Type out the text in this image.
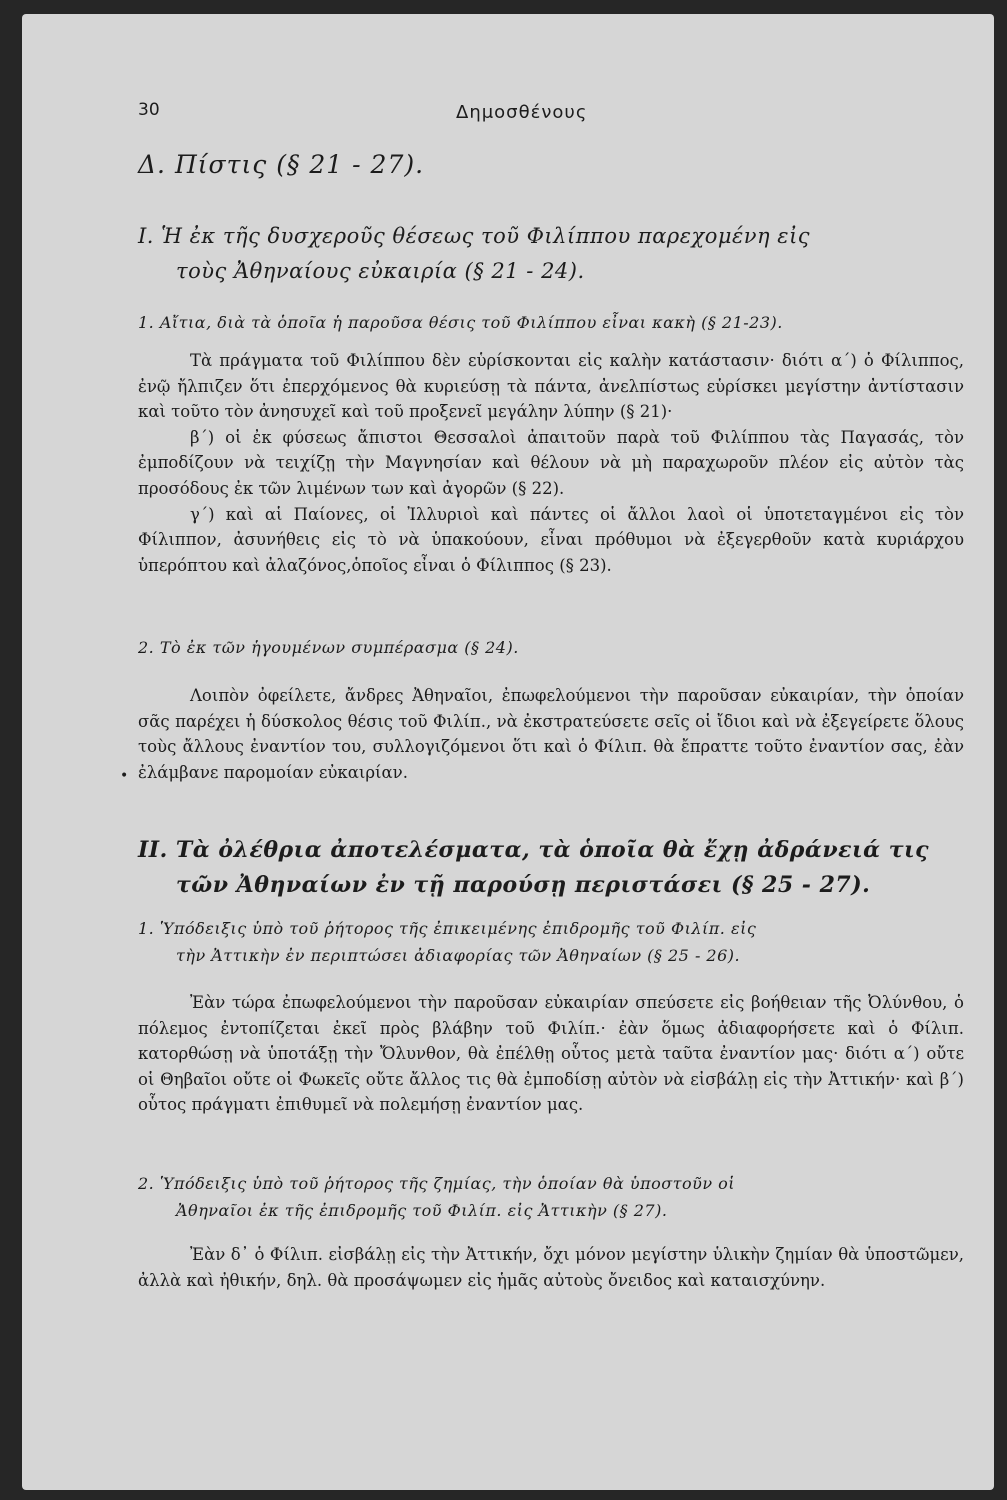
30	Δημοσθένους
Δ. Πίστις (§ 21 - 27).
I. Ἡ ἐκ τῆς δυσχεροῦς θέσεως τοῦ Φιλίππου παρεχομένη εἰς
τοὺς Ἀθηναίους εὐκαιρία (§ 21 - 24).
1. Αἴτια, διὰ τὰ ὁποῖα ἡ παροῦσα θέσις τοῦ Φιλίππου εἶναι κακὴ (§ 21-23).

Τὰ πράγματα τοῦ Φιλίππου δὲν εὑρίσκονται εἰς καλὴν κατάστασιν· διότι α΄) ὁ Φίλιππος, ἐνῷ ἤλπιζεν ὅτι ἐπερχόμενος θὰ κυριεύσῃ τὰ πάντα, ἀνελπίστως εὑρίσκει μεγίστην ἀντίστασιν καὶ τοῦτο τὸν ἀνησυχεῖ καὶ τοῦ προξενεῖ μεγάλην λύπην (§ 21)·

β΄) οἱ ἐκ φύσεως ἄπιστοι Θεσσαλοὶ ἀπαιτοῦν παρὰ τοῦ Φιλίππου τὰς Παγασάς, τὸν ἐμποδίζουν νὰ τειχίζῃ τὴν Μαγνησίαν καὶ θέλουν νὰ μὴ παραχωροῦν πλέον εἰς αὐτὸν τὰς προσόδους ἐκ τῶν λιμένων των καὶ ἀγορῶν (§ 22).

γ΄) καὶ αἱ Παίονες, οἱ Ἰλλυριοὶ καὶ πάντες οἱ ἄλλοι λαοὶ οἱ ὑποτεταγμένοι εἰς τὸν Φίλιππον, ἀσυνήθεις εἰς τὸ νὰ ὑπακούουν, εἶναι πρόθυμοι νὰ ἐξεγερθοῦν κατὰ κυριάρχου ὑπερόπτου καὶ ἀλαζόνος,ὁποῖος εἶναι ὁ Φίλιππος (§ 23).

2. Τὸ ἐκ τῶν ἡγουμένων συμπέρασμα (§ 24).

Λοιπὸν ὀφείλετε, ἄνδρες Ἀθηναῖοι, ἐπωφελούμενοι τὴν παροῦσαν εὐκαιρίαν, τὴν ὁποίαν σᾶς παρέχει ἡ δύσκολος θέσις τοῦ Φιλίπ., νὰ ἐκστρατεύσετε σεῖς οἱ ἴδιοι καὶ νὰ ἐξεγείρετε ὅλους τοὺς ἄλλους ἐναντίον του, συλλογιζόμενοι ὅτι καὶ ὁ Φίλιπ. θὰ ἔπραττε τοῦτο ἐναντίον σας, ἐὰν ἐλάμβανε παρομοίαν εὐκαιρίαν.

•
II. Τὰ ὀλέθρια ἀποτελέσματα, τὰ ὁποῖα θὰ ἔχῃ ἀδράνειά τις
τῶν Ἀθηναίων ἐν τῇ παρούσῃ περιστάσει (§ 25 - 27).
1. Ὑπόδειξις ὑπὸ τοῦ ῥήτορος τῆς ἐπικειμένης ἐπιδρομῆς τοῦ Φιλίπ. εἰς
τὴν Ἀττικὴν ἐν περιπτώσει ἀδιαφορίας τῶν Ἀθηναίων (§ 25 - 26).

Ἐὰν τώρα ἐπωφελούμενοι τὴν παροῦσαν εὐκαιρίαν σπεύσετε εἰς βοήθειαν τῆς Ὀλύνθου, ὁ πόλεμος ἐντοπίζεται ἐκεῖ πρὸς βλάβην τοῦ Φιλίπ.· ἐὰν ὅμως ἀδιαφορήσετε καὶ ὁ Φίλιπ. κατορθώσῃ νὰ ὑποτάξῃ τὴν Ὄλυνθον, θὰ ἐπέλθῃ οὗτος μετὰ ταῦτα ἐναντίον μας· διότι α΄) οὔτε οἱ Θηβαῖοι οὔτε οἱ Φωκεῖς οὔτε ἄλλος τις θὰ ἐμποδίσῃ αὐτὸν νὰ εἰσβάλῃ εἰς τὴν Ἀττικήν· καὶ β΄) οὗτος πράγματι ἐπιθυμεῖ νὰ πολεμήσῃ ἐναντίον μας.

2. Ὑπόδειξις ὑπὸ τοῦ ῥήτορος τῆς ζημίας, τὴν ὁποίαν θὰ ὑποστοῦν οἱ
Ἀθηναῖοι ἐκ τῆς ἐπιδρομῆς τοῦ Φιλίπ. εἰς Ἀττικὴν (§ 27).

Ἐὰν δ᾽ ὁ Φίλιπ. εἰσβάλῃ εἰς τὴν Ἀττικήν, ὄχι μόνον μεγίστην ὑλικὴν ζημίαν θὰ ὑποστῶμεν, ἀλλὰ καὶ ἠθικήν, δηλ. θὰ προσάψωμεν εἰς ἡμᾶς αὐτοὺς ὄνειδος καὶ καταισχύνην.
